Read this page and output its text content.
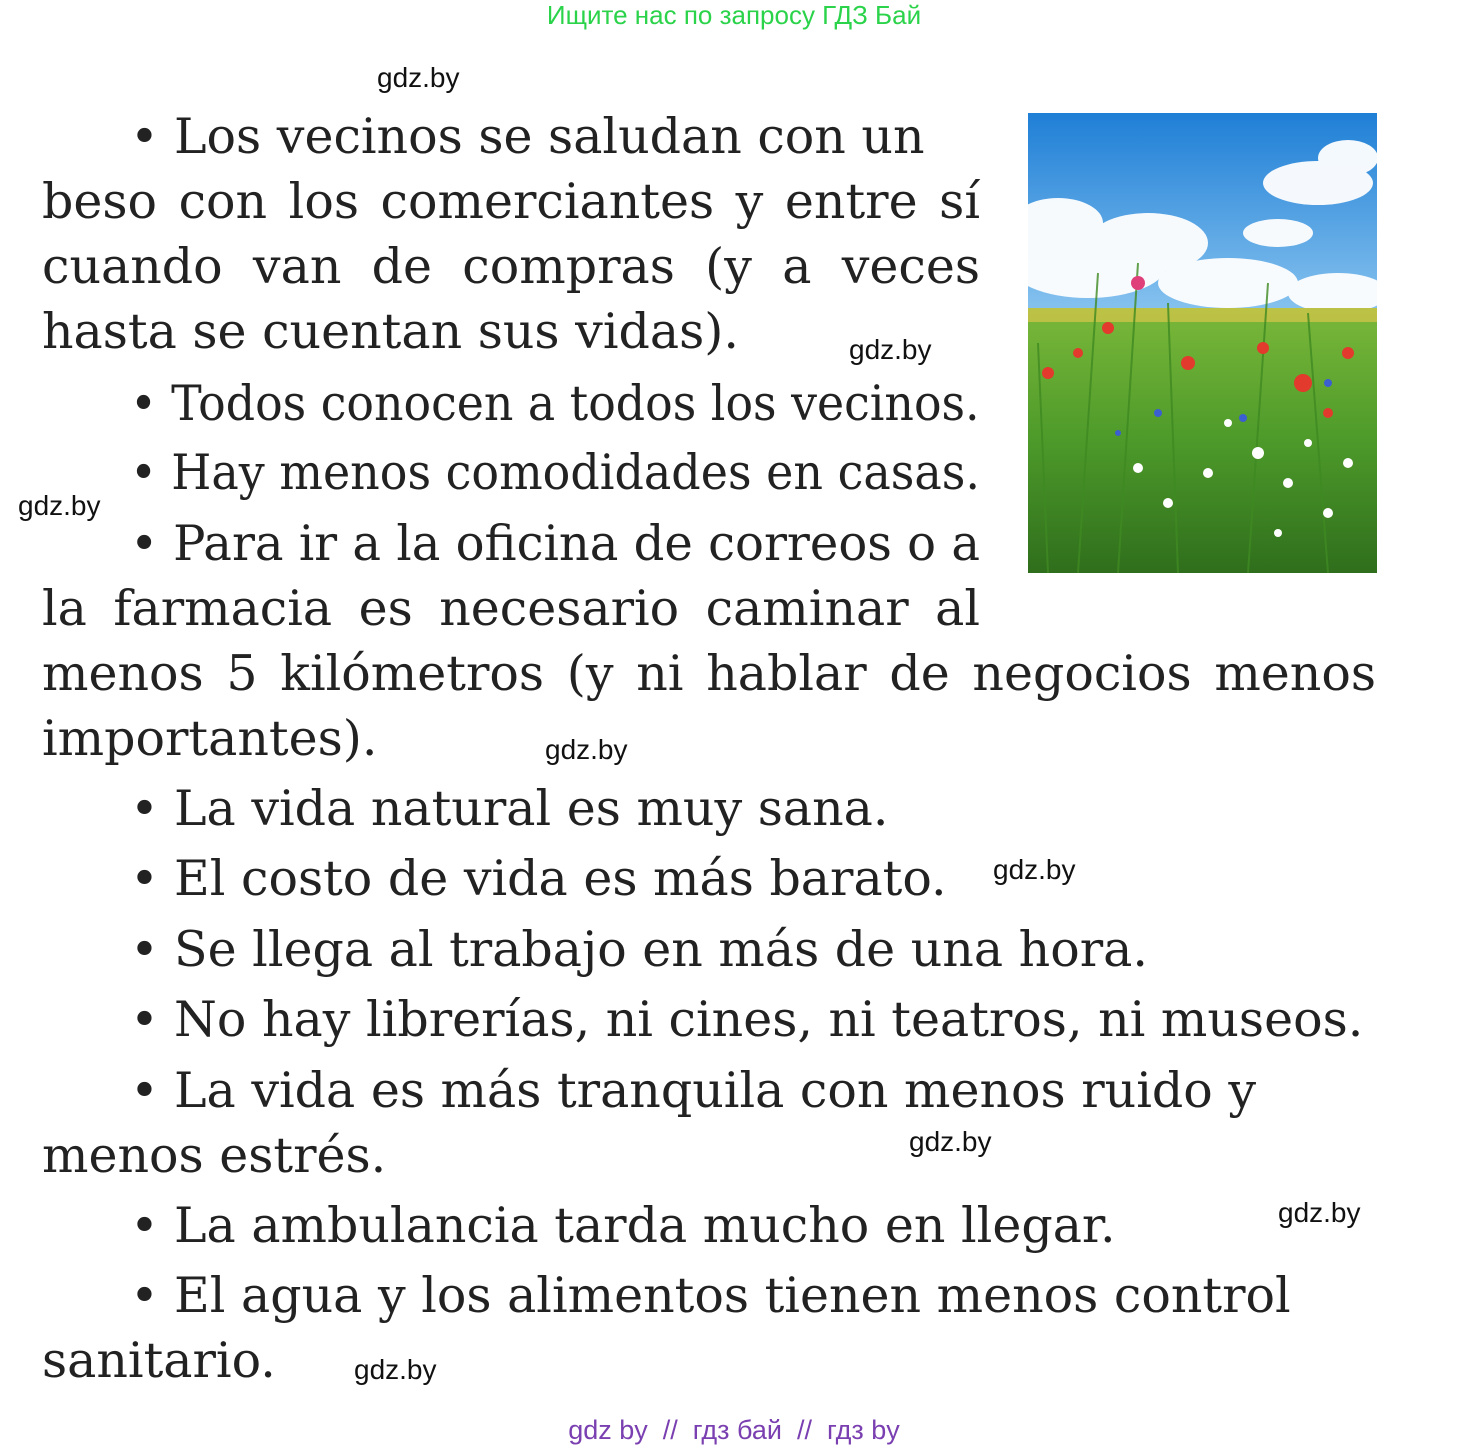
Ищите нас по запросу ГДЗ Бай
gdz.by
gdz.by
gdz.by
gdz.by
gdz.by
gdz.by
gdz.by
gdz.by
• Los vecinos se saludan con un
beso con los comerciantes y entre sí
cuando van de compras (y a veces
hasta se cuentan sus vidas).
• Todos conocen a todos los vecinos.
• Hay menos comodidades en casas.
• Para ir a la oficina de correos o a
la farmacia es necesario caminar al
menos 5 kilómetros (y ni hablar de negocios menos
importantes).
• La vida natural es muy sana.
• El costo de vida es más barato.
• Se llega al trabajo en más de una hora.
• No hay librerías, ni cines, ni teatros, ni museos.
• La vida es más tranquila con menos ruido y
menos estrés.
• La ambulancia tarda mucho en llegar.
• El agua y los alimentos tienen menos control
sanitario.
gdz by  //  гдз бай  //  гдз by
